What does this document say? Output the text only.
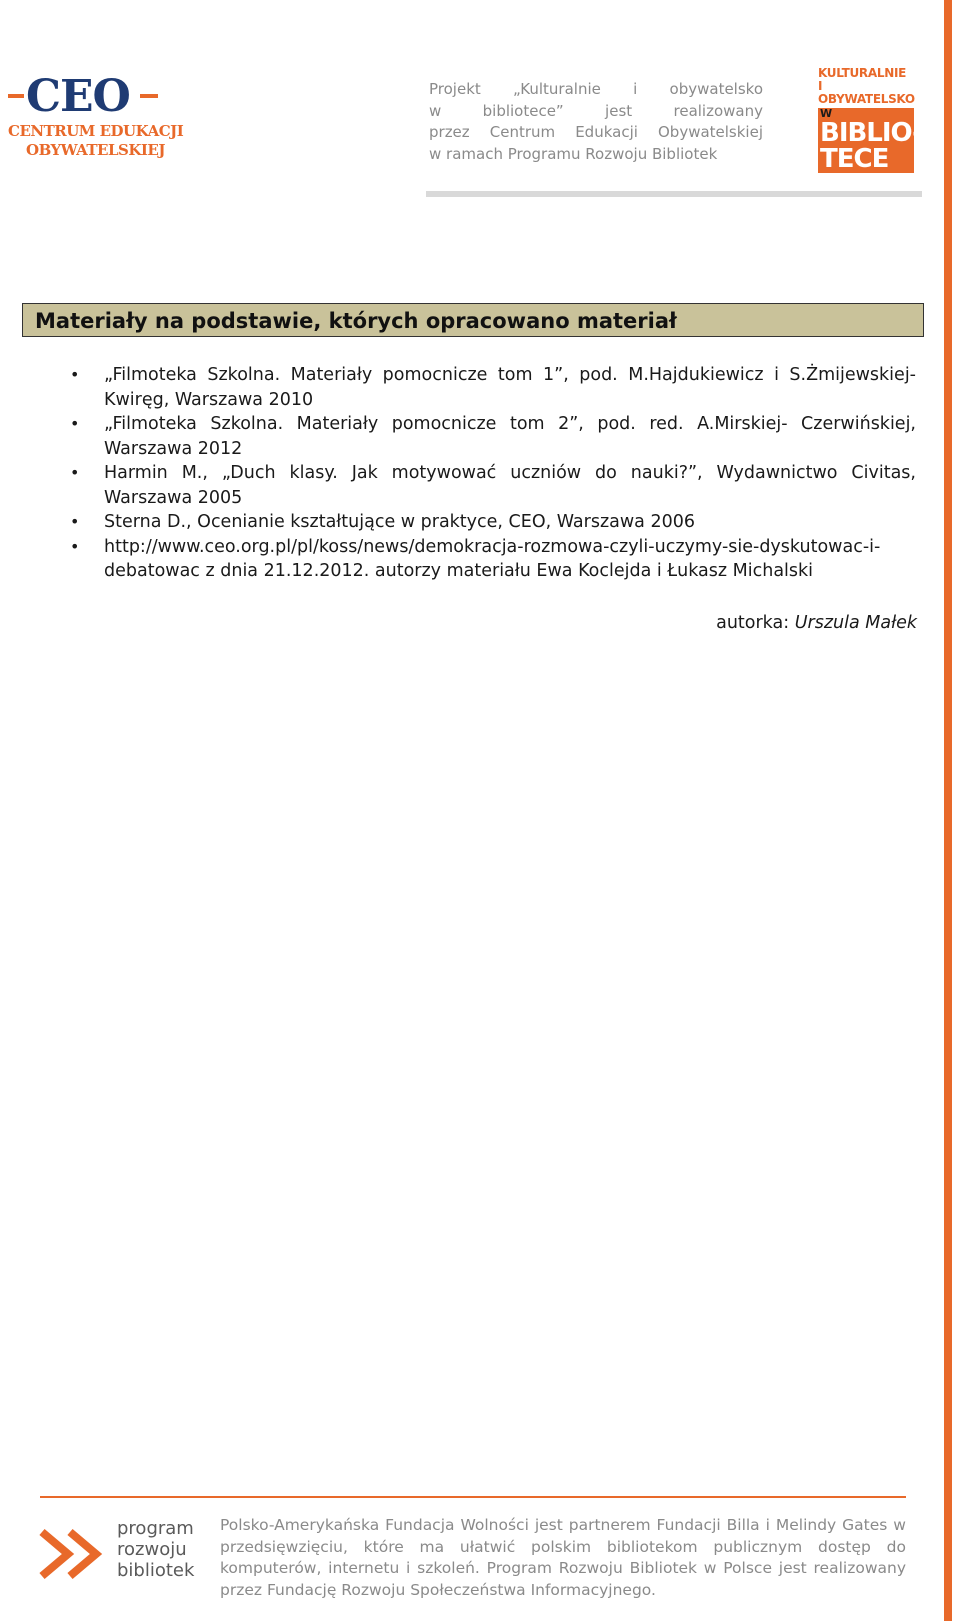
CEO
CENTRUM EDUKACJI
OBYWATELSKIEJ
Projekt „Kulturalnie i obywatelsko
w bibliotece” jest realizowany
przez Centrum Edukacji Obywatelskiej
w ramach Programu Rozwoju Bibliotek
KULTURALNIE
I OBYWATELSKO
W
BIBLIO-
TECE
Materiały na podstawie, których opracowano materiał
• „Filmoteka Szkolna. Materiały pomocnicze tom 1”, pod. M.Hajdukiewicz i S.Żmijewskiej-Kwiręg, Warszawa 2010
• „Filmoteka Szkolna. Materiały pomocnicze tom 2”, pod. red. A.Mirskiej- Czerwińskiej, Warszawa 2012
• Harmin M., „Duch klasy. Jak motywować uczniów do nauki?”, Wydawnictwo Civitas, Warszawa 2005
• Sterna D., Ocenianie kształtujące w praktyce, CEO, Warszawa 2006
• http://www.ceo.org.pl/pl/koss/news/demokracja-rozmowa-czyli-uczymy-sie-dyskutowac-i-debatowac z dnia 21.12.2012. autorzy materiału Ewa Koclejda i Łukasz Michalski
autorka: Urszula Małek
program
rozwoju
bibliotek
Polsko-Amerykańska Fundacja Wolności jest partnerem Fundacji Billa i Melindy Gates w przedsięwzięciu, które ma ułatwić polskim bibliotekom publicznym dostęp do komputerów, internetu i szkoleń. Program Rozwoju Bibliotek w Polsce jest realizowany przez Fundację Rozwoju Społeczeństwa Informacyjnego.
